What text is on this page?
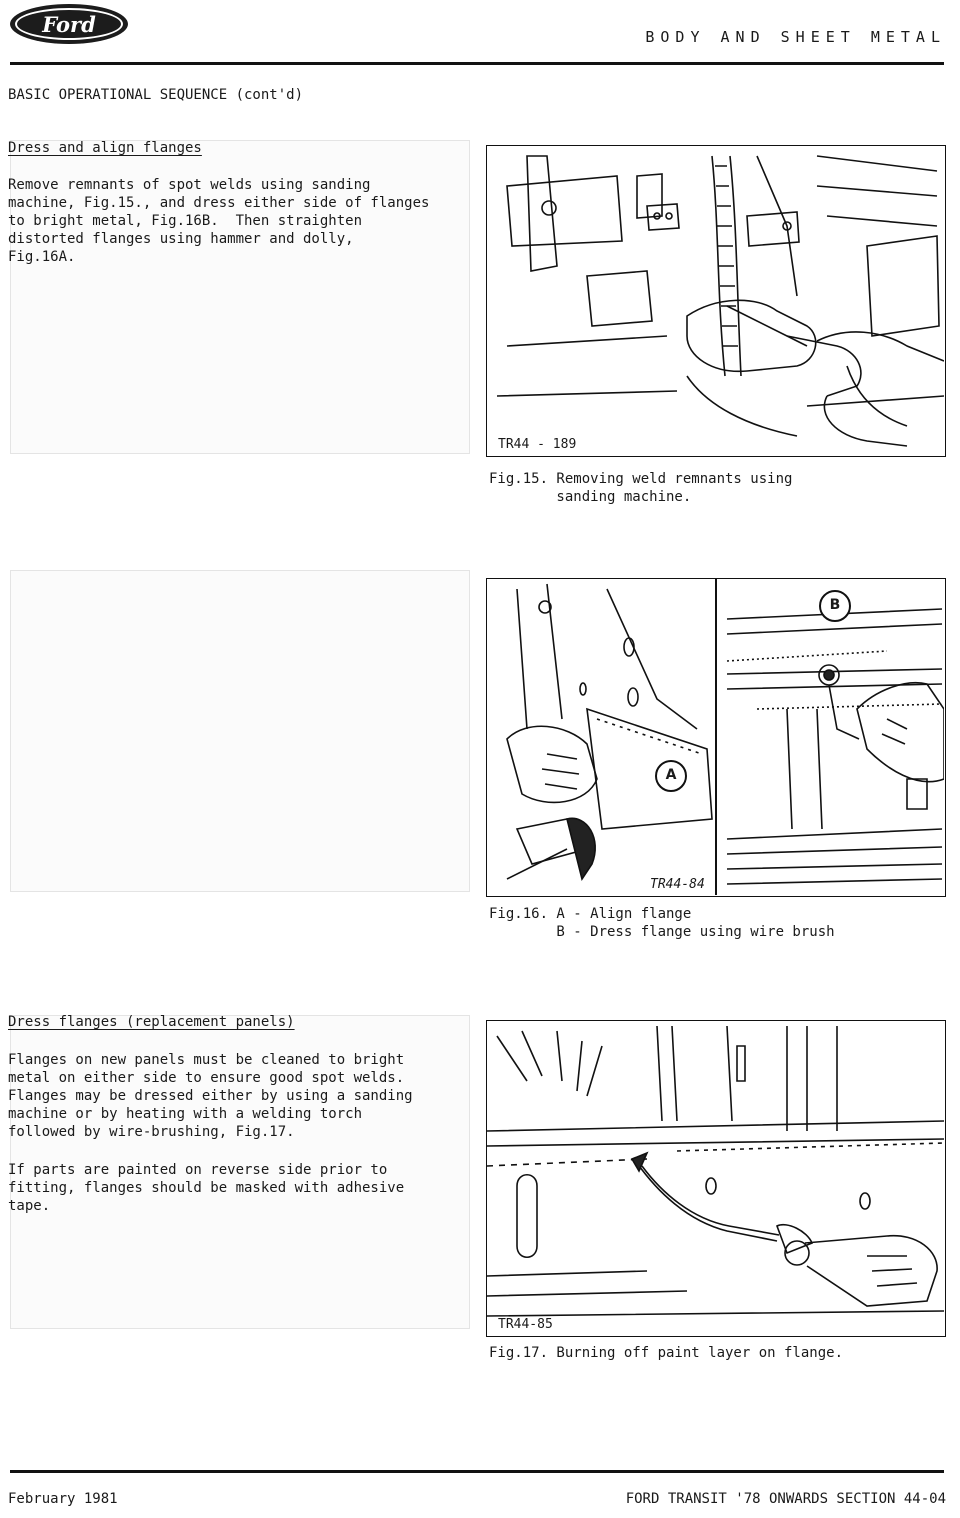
Ford
BODY AND SHEET METAL
BASIC OPERATIONAL SEQUENCE (cont'd)
Dress and align flanges
Remove remnants of spot welds using sanding
machine, Fig.15., and dress either side of flanges
to bright metal, Fig.16B.  Then straighten
distorted flanges using hammer and dolly,
Fig.16A.
Dress flanges (replacement panels)
Flanges on new panels must be cleaned to bright
metal on either side to ensure good spot welds.
Flanges may be dressed either by using a sanding
machine or by heating with a welding torch
followed by wire-brushing, Fig.17.
If parts are painted on reverse side prior to
fitting, flanges should be masked with adhesive
tape.
TR44 - 189
Fig.15. Removing weld remnants using
sanding machine.
A
B
TR44-84
Fig.16. A - Align flange
B - Dress flange using wire brush
TR44-85
Fig.17. Burning off paint layer on flange.
February 1981	FORD TRANSIT '78 ONWARDS SECTION 44-04
